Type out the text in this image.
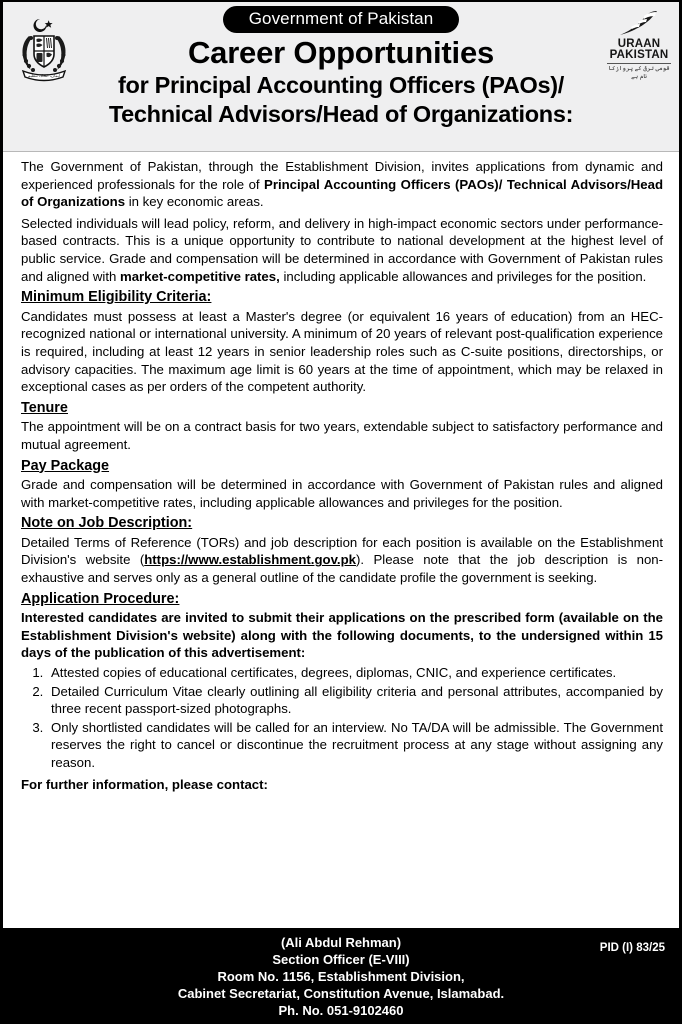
ایمان، اتحاد، تنظیم
URAAN
PAKISTAN
قومی ترقی کے پروازکا نام ہے
Government of Pakistan
Career Opportunities
for Principal Accounting Officers (PAOs)/
Technical Advisors/Head of Organizations:

The Government of Pakistan, through the Establishment Division, invites applications from dynamic and experienced professionals for the role of Principal Accounting Officers (PAOs)/ Technical Advisors/Head of Organizations in key economic areas.

Selected individuals will lead policy, reform, and delivery in high-impact economic sectors under performance-based contracts. This is a unique opportunity to contribute to national development at the highest level of public service. Grade and compensation will be determined in accordance with Government of Pakistan rules and aligned with market-competitive rates, including applicable allowances and privileges for the position.

Minimum Eligibility Criteria:

Candidates must possess at least a Master's degree (or equivalent 16 years of education) from an HEC-recognized national or international university. A minimum of 20 years of relevant post-qualification experience is required, including at least 12 years in senior leadership roles such as C-suite positions, directorships, or advisory capacities. The maximum age limit is 60 years at the time of appointment, which may be relaxed in exceptional cases as per orders of the competent authority.

Tenure

The appointment will be on a contract basis for two years, extendable subject to satisfactory performance and mutual agreement.

Pay Package

Grade and compensation will be determined in accordance with Government of Pakistan rules and aligned with market-competitive rates, including applicable allowances and privileges for the position.

Note on Job Description:

Detailed Terms of Reference (TORs) and job description for each position is available on the Establishment Division's website (https://www.establishment.gov.pk). Please note that the job description is non-exhaustive and serves only as a general outline of the candidate profile the government is seeking.

Application Procedure:

Interested candidates are invited to submit their applications on the prescribed form (available on the Establishment Division's website) along with the following documents, to the undersigned within 15 days of the publication of this advertisement:

1. Attested copies of educational certificates, degrees, diplomas, CNIC, and experience certificates.
2. Detailed Curriculum Vitae clearly outlining all eligibility criteria and personal attributes, accompanied by three recent passport-sized photographs.
3. Only shortlisted candidates will be called for an interview. No TA/DA will be admissible. The Government reserves the right to cancel or discontinue the recruitment process at any stage without assigning any reason.

For further information, please contact:

PID (I) 83/25
(Ali Abdul Rehman)
Section Officer (E-VIII)
Room No. 1156, Establishment Division,
Cabinet Secretariat, Constitution Avenue, Islamabad.
Ph. No. 051-9102460
